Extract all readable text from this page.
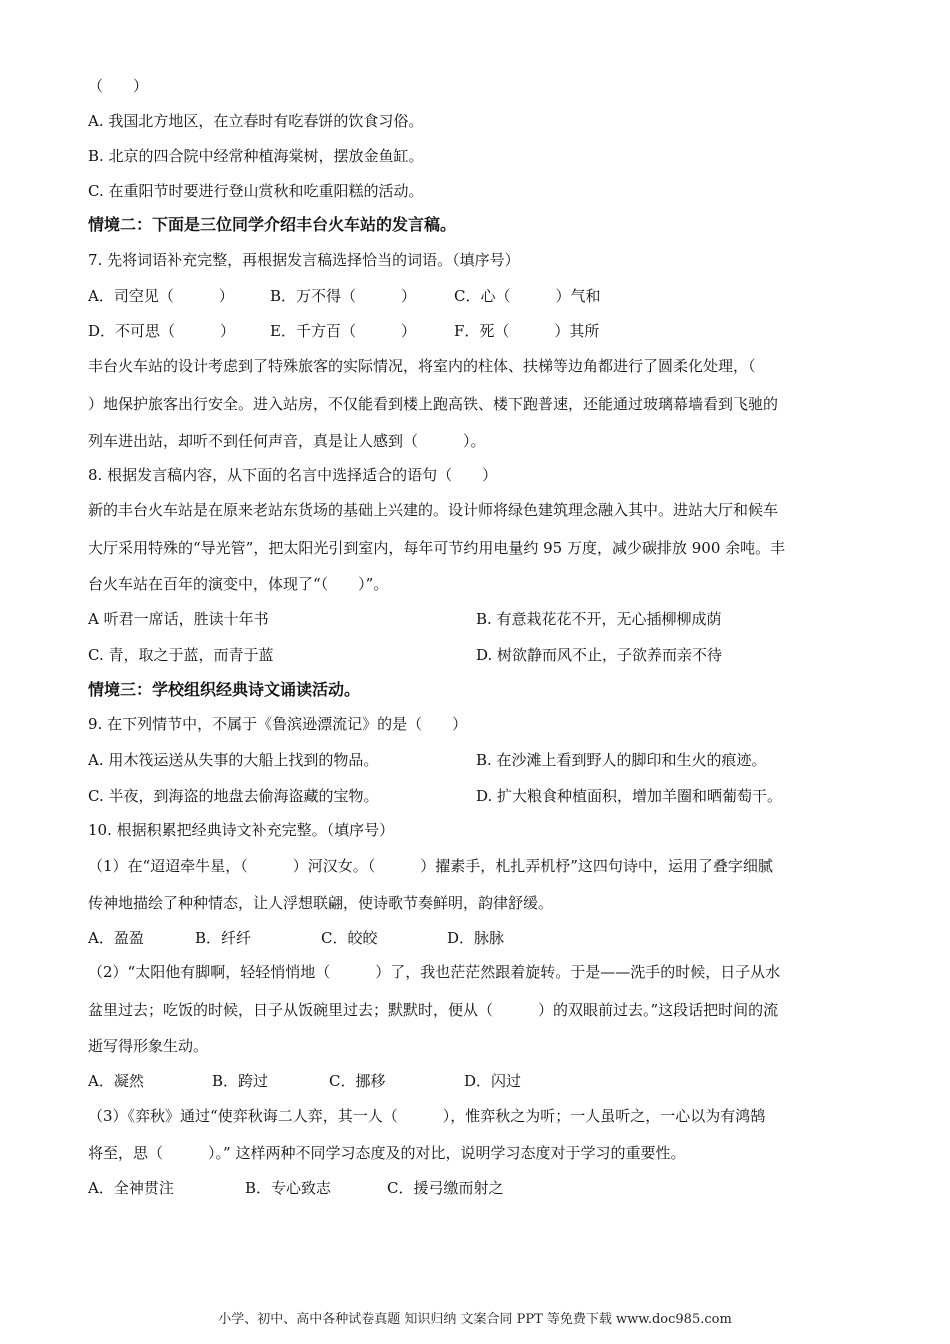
（　　）
A. 我国北方地区，在立春时有吃春饼的饮食习俗。
B. 北京的四合院中经常种植海棠树，摆放金鱼缸。
C. 在重阳节时要进行登山赏秋和吃重阳糕的活动。
情境二：下面是三位同学介绍丰台火车站的发言稿。
7. 先将词语补充完整，再根据发言稿选择恰当的词语。（填序号）
A．司空见（　　　） B．万不得（　　　）	C．心（　　　）气和
D．不可思（　　　） E．千方百（　　　）	F．死（　　　）其所
丰台火车站的设计考虑到了特殊旅客的实际情况，将室内的柱体、扶梯等边角都进行了圆柔化处理，（
）地保护旅客出行安全。进入站房，不仅能看到楼上跑高铁、楼下跑普速，还能通过玻璃幕墙看到飞驰的
列车进出站，却听不到任何声音，真是让人感到（　　　）。
8. 根据发言稿内容，从下面的名言中选择适合的语句（　　）
新的丰台火车站是在原来老站东货场的基础上兴建的。设计师将绿色建筑理念融入其中。进站大厅和候车
大厅采用特殊的“导光管”，把太阳光引到室内，每年可节约用电量约 95 万度，减少碳排放 900 余吨。丰
台火车站在百年的演变中，体现了“（　　）”。
A 听君一席话，胜读十年书	B. 有意栽花花不开，无心插柳柳成荫
C. 青，取之于蓝，而青于蓝	D. 树欲静而风不止，子欲养而亲不待
情境三：学校组织经典诗文诵读活动。
9. 在下列情节中，不属于《鲁滨逊漂流记》的是（　　）
A. 用木筏运送从失事的大船上找到的物品。	B. 在沙滩上看到野人的脚印和生火的痕迹。
C. 半夜，到海盗的地盘去偷海盗藏的宝物。	D. 扩大粮食种植面积，增加羊圈和晒葡萄干。
10. 根据积累把经典诗文补充完整。（填序号）
（1）在“迢迢牵牛星，（　　　）河汉女。（　　　）擢素手，札扎弄机杼”这四句诗中，运用了叠字细腻
传神地描绘了种种情态，让人浮想联翩，使诗歌节奏鲜明，韵律舒缓。
A．盈盈	B．纤纤	C．皎皎	D．脉脉
（2）“太阳他有脚啊，轻轻悄悄地（　　　）了，我也茫茫然跟着旋转。于是——洗手的时候，日子从水
盆里过去；吃饭的时候，日子从饭碗里过去；默默时，便从（　　　）的双眼前过去。”这段话把时间的流
逝写得形象生动。
A．凝然	B．跨过	C．挪移	D．闪过
（3）《弈秋》通过“使弈秋诲二人弈，其一人（　　　），惟弈秋之为听；一人虽听之，一心以为有鸿鹄
将至，思（　　　）。” 这样两种不同学习态度及的对比，说明学习态度对于学习的重要性。
A．全神贯注	B．专心致志	C．援弓缴而射之
小学、初中、高中各种试卷真题 知识归纳 文案合同 PPT 等免费下载 www.doc985.com
